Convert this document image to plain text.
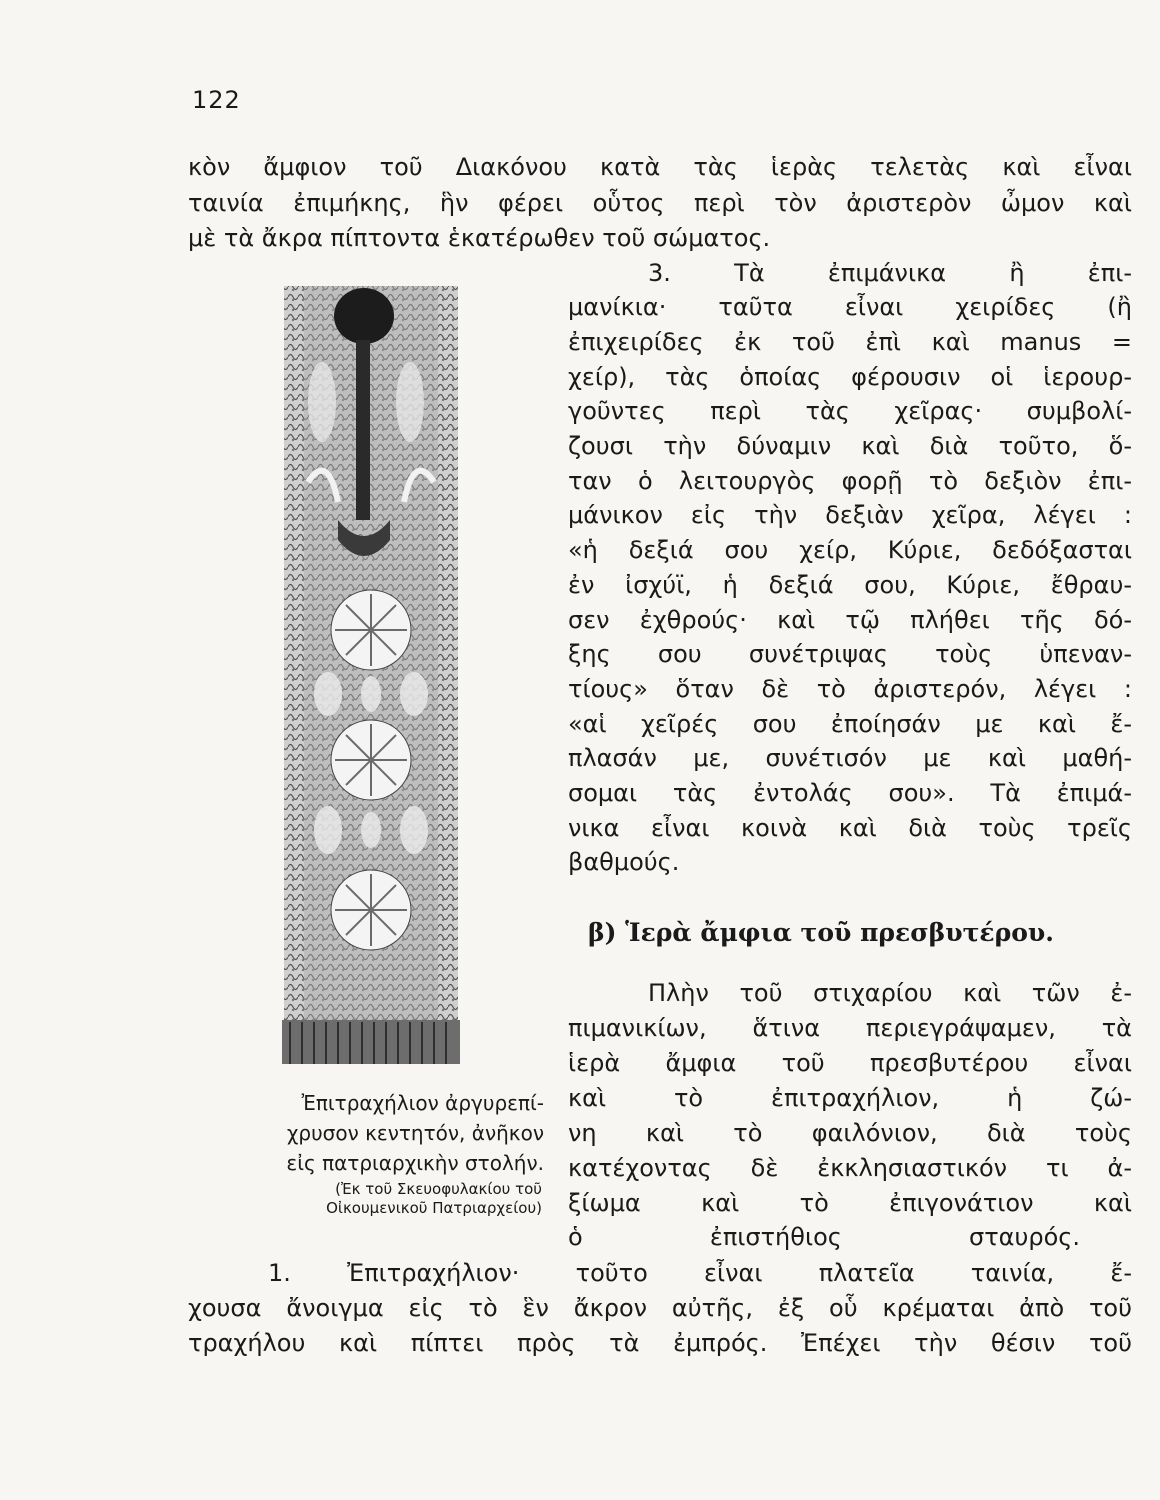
122
κὸν ἄμφιον τοῦ Διακόνου κατὰ τὰς ἱερὰς τελετὰς καὶ εἶναι
ταινία ἐπιμήκης, ἣν φέρει οὗτος περὶ τὸν ἀριστερὸν ὦμον καὶ
μὲ τὰ ἄκρα πίπτοντα ἑκατέρωθεν τοῦ σώματος.
3. Τὰ ἐπιμάνικα ἢ ἐπι-
μανίκια· ταῦτα εἶναι χειρίδες (ἢ
ἐπιχειρίδες ἐκ τοῦ ἐπὶ καὶ manus =
χείρ), τὰς ὁποίας φέρουσιν οἱ ἱερουρ-
γοῦντες περὶ τὰς χεῖρας· συμβολί-
ζουσι τὴν δύναμιν καὶ διὰ τοῦτο, ὅ-
ταν ὁ λειτουργὸς φορῇ τὸ δεξιὸν ἐπι-
μάνικον εἰς τὴν δεξιὰν χεῖρα, λέγει :
«ἡ δεξιά σου χείρ, Κύριε, δεδόξασται
ἐν ἰσχύϊ, ἡ δεξιά σου, Κύριε, ἔθραυ-
σεν ἐχθρούς· καὶ τῷ πλήθει τῆς δό-
ξης σου συνέτριψας τοὺς ὑπεναν-
τίους» ὅταν δὲ τὸ ἀριστερόν, λέγει :
«αἱ χεῖρές σου ἐποίησάν με καὶ ἔ-
πλασάν με, συνέτισόν με καὶ μαθή-
σομαι τὰς ἐντολάς σου». Τὰ ἐπιμά-
νικα εἶναι κοινὰ καὶ διὰ τοὺς τρεῖς
βαθμούς.
β) Ἱερὰ ἄμφια τοῦ πρεσβυτέρου.
Πλὴν τοῦ στιχαρίου καὶ τῶν ἐ-
πιμανικίων, ἅτινα περιεγράψαμεν, τὰ
ἱερὰ ἄμφια τοῦ πρεσβυτέρου εἶναι
καὶ τὸ ἐπιτραχήλιον, ἡ ζώ-
νη καὶ τὸ φαιλόνιον, διὰ τοὺς
κατέχοντας δὲ ἐκκλησιαστικόν τι ἀ-
ξίωμα καὶ τὸ ἐπιγονάτιον καὶ
ὁ ἐπιστήθιος σταυρός.
1. Ἐπιτραχήλιον· τοῦτο εἶναι πλατεῖα ταινία, ἔ-
χουσα ἄνοιγμα εἰς τὸ ἓν ἄκρον αὐτῆς, ἐξ οὗ κρέμαται ἀπὸ τοῦ
τραχήλου καὶ πίπτει πρὸς τὰ ἐμπρός. Ἐπέχει τὴν θέσιν τοῦ
Ἐπιτραχήλιον ἀργυρεπί-
χρυσον κεντητόν, ἀνῆκον
εἰς πατριαρχικὴν στολήν.
(Ἐκ τοῦ Σκευοφυλακίου τοῦ
Οἰκουμενικοῦ Πατριαρχείου)
